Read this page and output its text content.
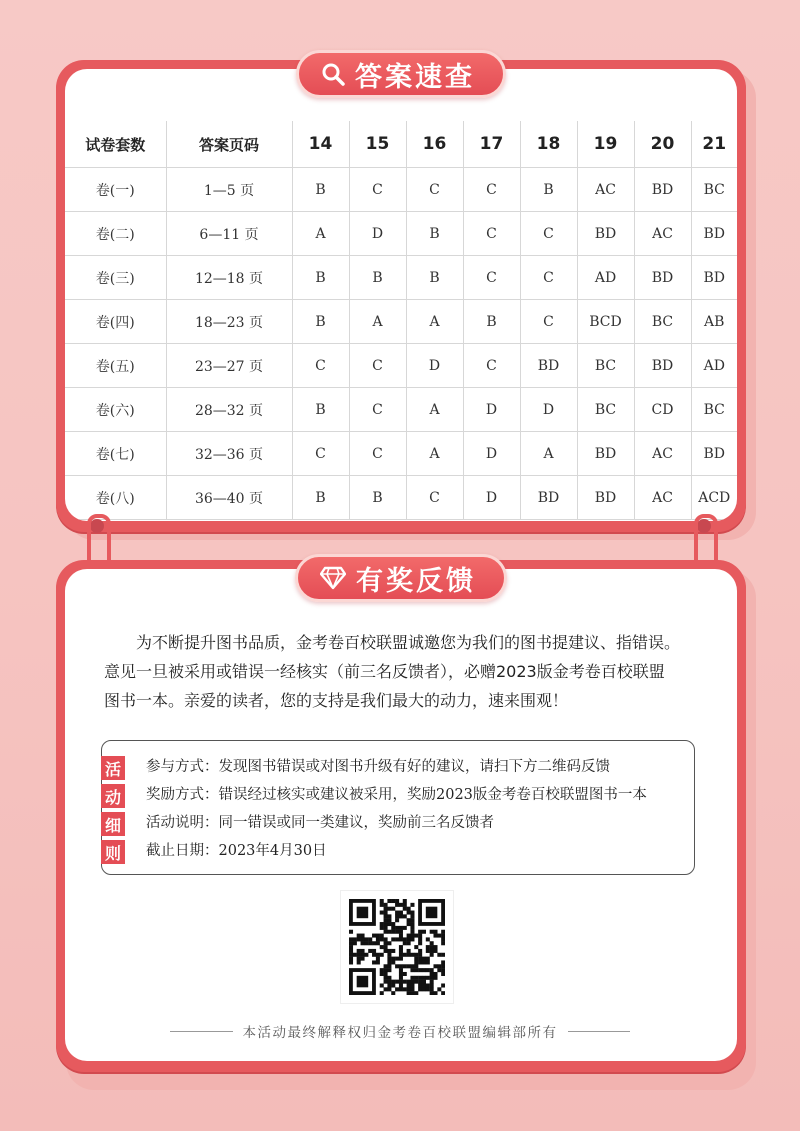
试卷套数	答案页码	14	15	16	17	18	19	20	21
卷(一)	1—5 页	B	C	C	C	B	AC	BD	BC
卷(二)	6—11 页	A	D	B	C	C	BD	AC	BD
卷(三)	12—18 页	B	B	B	C	C	AD	BD	BD
卷(四)	18—23 页	B	A	A	B	C	BCD	BC	AB
卷(五)	23—27 页	C	C	D	C	BD	BC	BD	AD
卷(六)	28—32 页	B	C	A	D	D	BC	CD	BC
卷(七)	32—36 页	C	C	A	D	A	BD	AC	BD
卷(八)	36—40 页	B	B	C	D	BD	BD	AC	ACD
答案速查
有奖反馈

为不断提升图书品质，金考卷百校联盟诚邀您为我们的图书提建议、指错误。

意见一旦被采用或错误一经核实（前三名反馈者），必赠2023版金考卷百校联盟

图书一本。亲爱的读者，您的支持是我们最大的动力，速来围观！

活
动
细
则
参与方式：发现图书错误或对图书升级有好的建议，请扫下方二维码反馈
奖励方式：错误经过核实或建议被采用，奖励2023版金考卷百校联盟图书一本
活动说明：同一错误或同一类建议，奖励前三名反馈者
截止日期：2023年4月30日
本活动最终解释权归金考卷百校联盟编辑部所有
